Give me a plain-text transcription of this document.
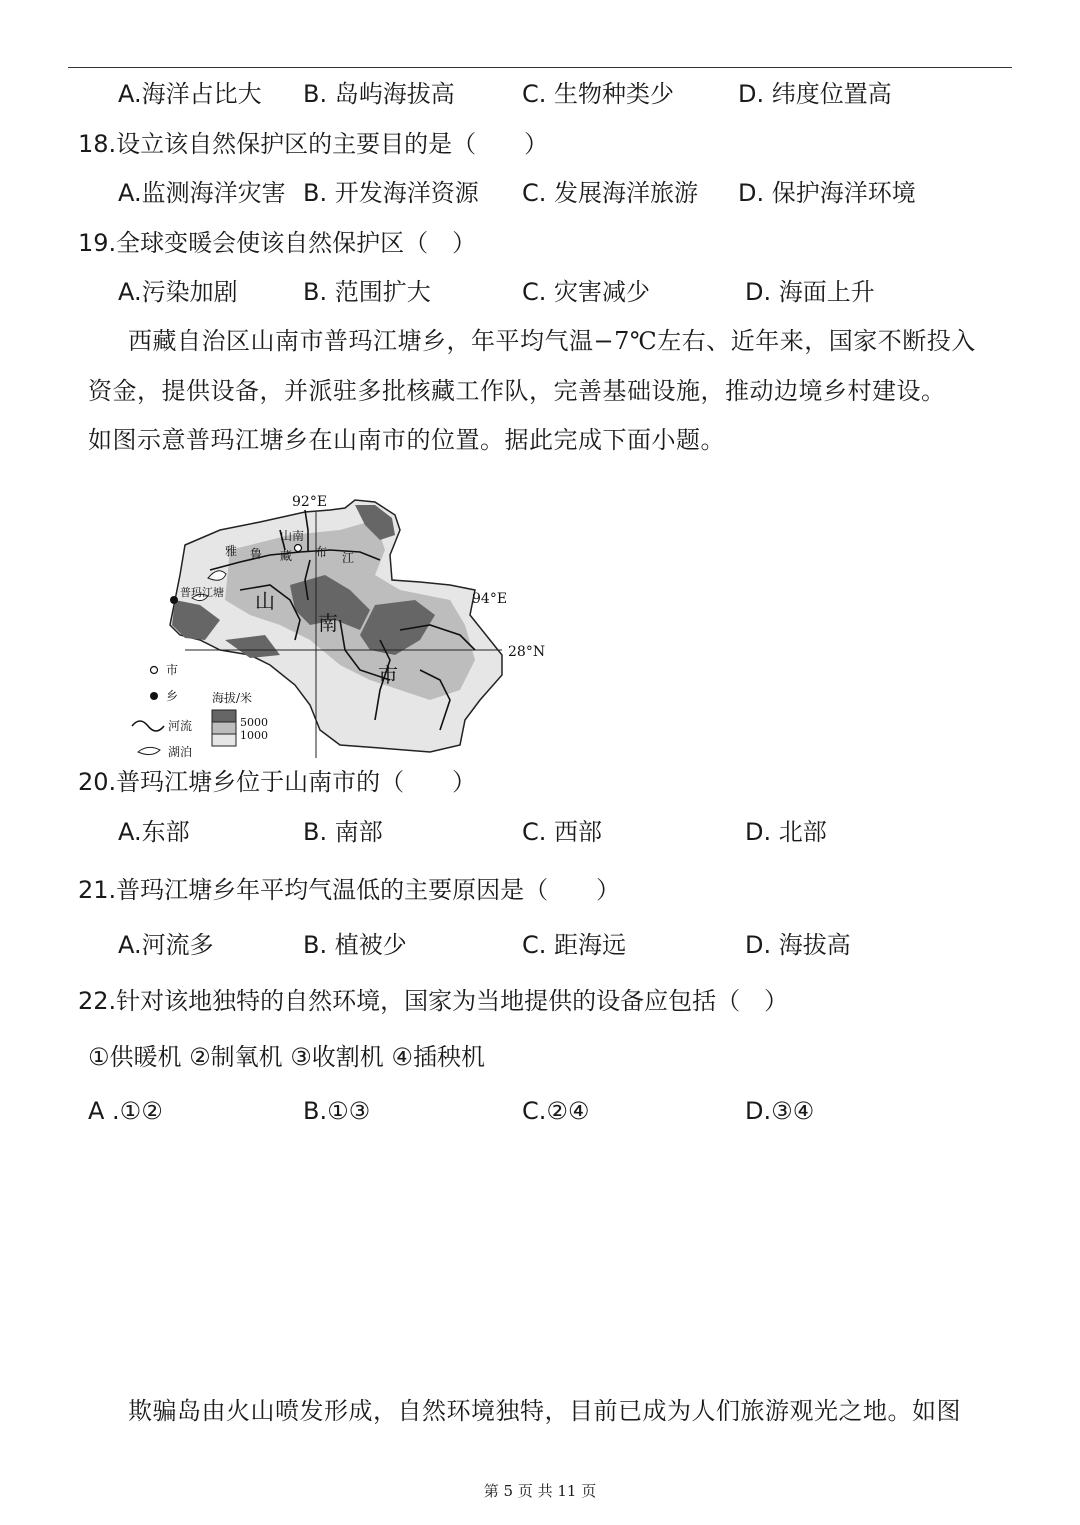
A.海洋占比大 B. 岛屿海拔高	C. 生物种类少	D. 纬度位置高
18.设立该自然保护区的主要目的是（　　）
A.监测海洋灾害 B. 开发海洋资源 C. 发展海洋旅游 D. 保护海洋环境
19.全球变暖会使该自然保护区（　）
A.污染加剧	B. 范围扩大	C. 灾害减少	D. 海面上升
西藏自治区山南市普玛江塘乡，年平均气温−7℃左右、近年来，国家不断投入
资金，提供设备，并派驻多批核藏工作队，完善基础设施，推动边境乡村建设。
如图示意普玛江塘乡在山南市的位置。据此完成下面小题。
92°E
94°E
28°N
山南
普玛江塘
雅 鲁 藏 布 江
山
南
市
市
乡
河流
湖泊
海拔/米
5000
1000
20.普玛江塘乡位于山南市的（　　）
A.东部	B. 南部	C. 西部	D. 北部
21.普玛江塘乡年平均气温低的主要原因是（　　）
A.河流多	B. 植被少	C. 距海远	D. 海拔高
22.针对该地独特的自然环境，国家为当地提供的设备应包括（　）
①供暖机 ②制氧机 ③收割机 ④插秧机
A .①②	B.①③	C.②④	D.③④
欺骗岛由火山喷发形成，自然环境独特，目前已成为人们旅游观光之地。如图
第 5 页 共 11 页
